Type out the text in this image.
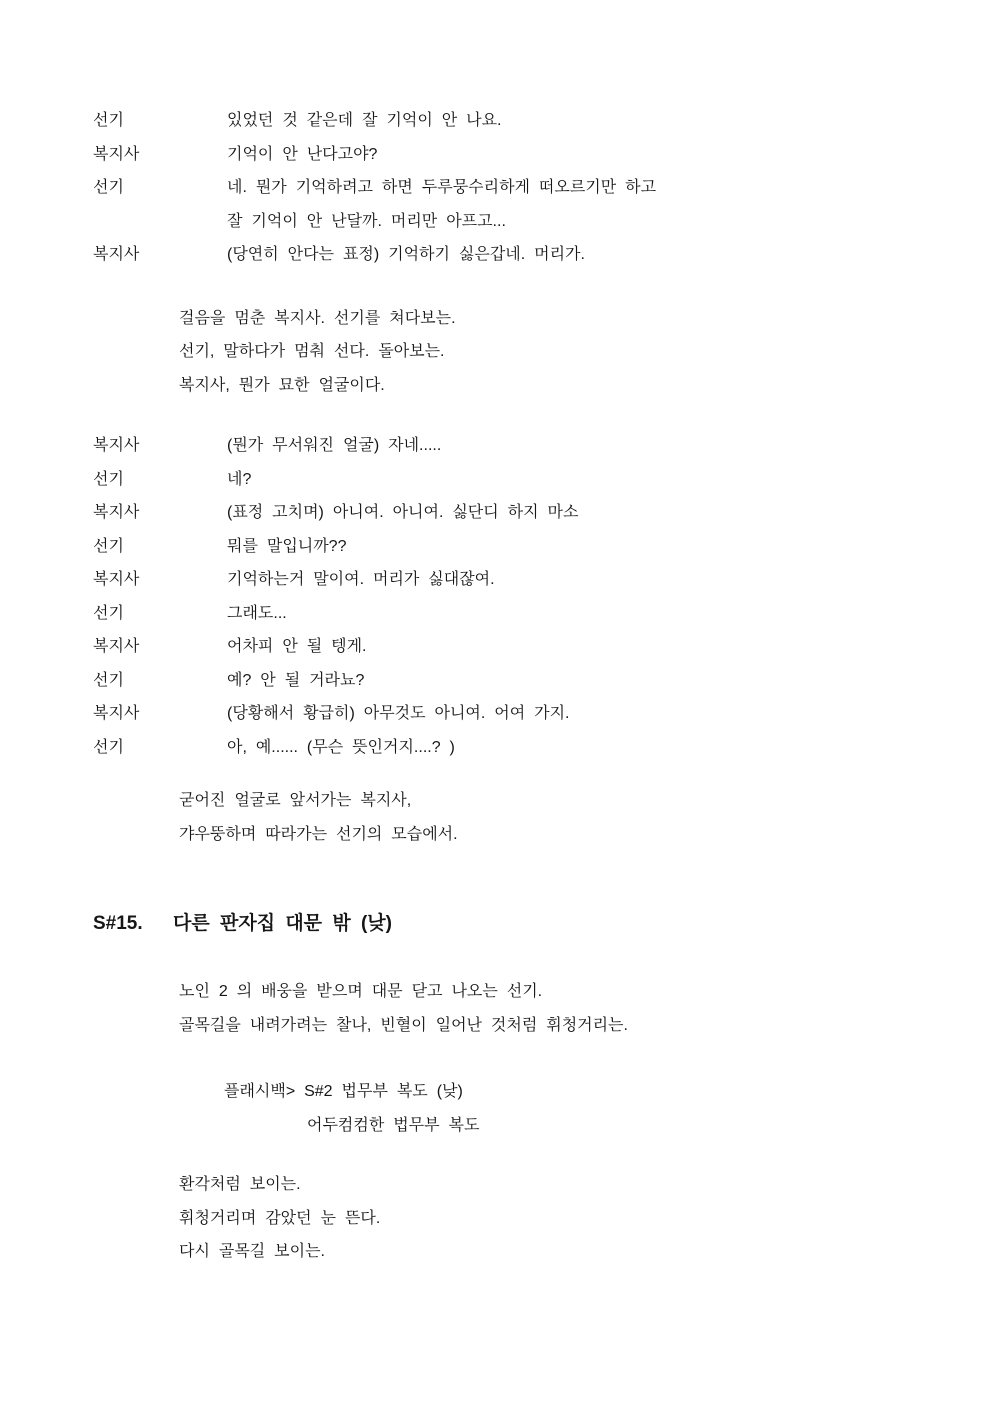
선기	있었던 것 같은데 잘 기억이 안 나요.
복지사	기억이 안 난다고야?
선기	네. 뭔가 기억하려고 하면 두루뭉수리하게 떠오르기만 하고
잘 기억이 안 난달까. 머리만 아프고...
복지사	(당연히 안다는 표정) 기억하기 싫은갑네. 머리가.
걸음을 멈춘 복지사. 선기를 쳐다보는.
선기, 말하다가 멈춰 선다. 돌아보는.
복지사, 뭔가 묘한 얼굴이다.
복지사	(뭔가 무서워진 얼굴) 자네.....
선기	네?
복지사	(표정 고치며) 아니여. 아니여. 싫단디 하지 마소
선기	뭐를 말입니까??
복지사	기억하는거 말이여. 머리가 싫대잖여.
선기	그래도...
복지사	어차피 안 될 텡게.
선기	예? 안 될 거라뇨?
복지사	(당황해서 황급히) 아무것도 아니여. 어여 가지.
선기	아, 예...... (무슨 뜻인거지....? )
굳어진 얼굴로 앞서가는 복지사,
갸우뚱하며 따라가는 선기의 모습에서.
S#15.	다른 판자집 대문 밖 (낮)
노인 2 의 배웅을 받으며 대문 닫고 나오는 선기.
골목길을 내려가려는 찰나, 빈혈이 일어난 것처럼 휘청거리는.
플래시백> S#2 법무부 복도 (낮)
어두컴컴한 법무부 복도
환각처럼 보이는.
휘청거리며 감았던 눈 뜬다.
다시 골목길 보이는.
